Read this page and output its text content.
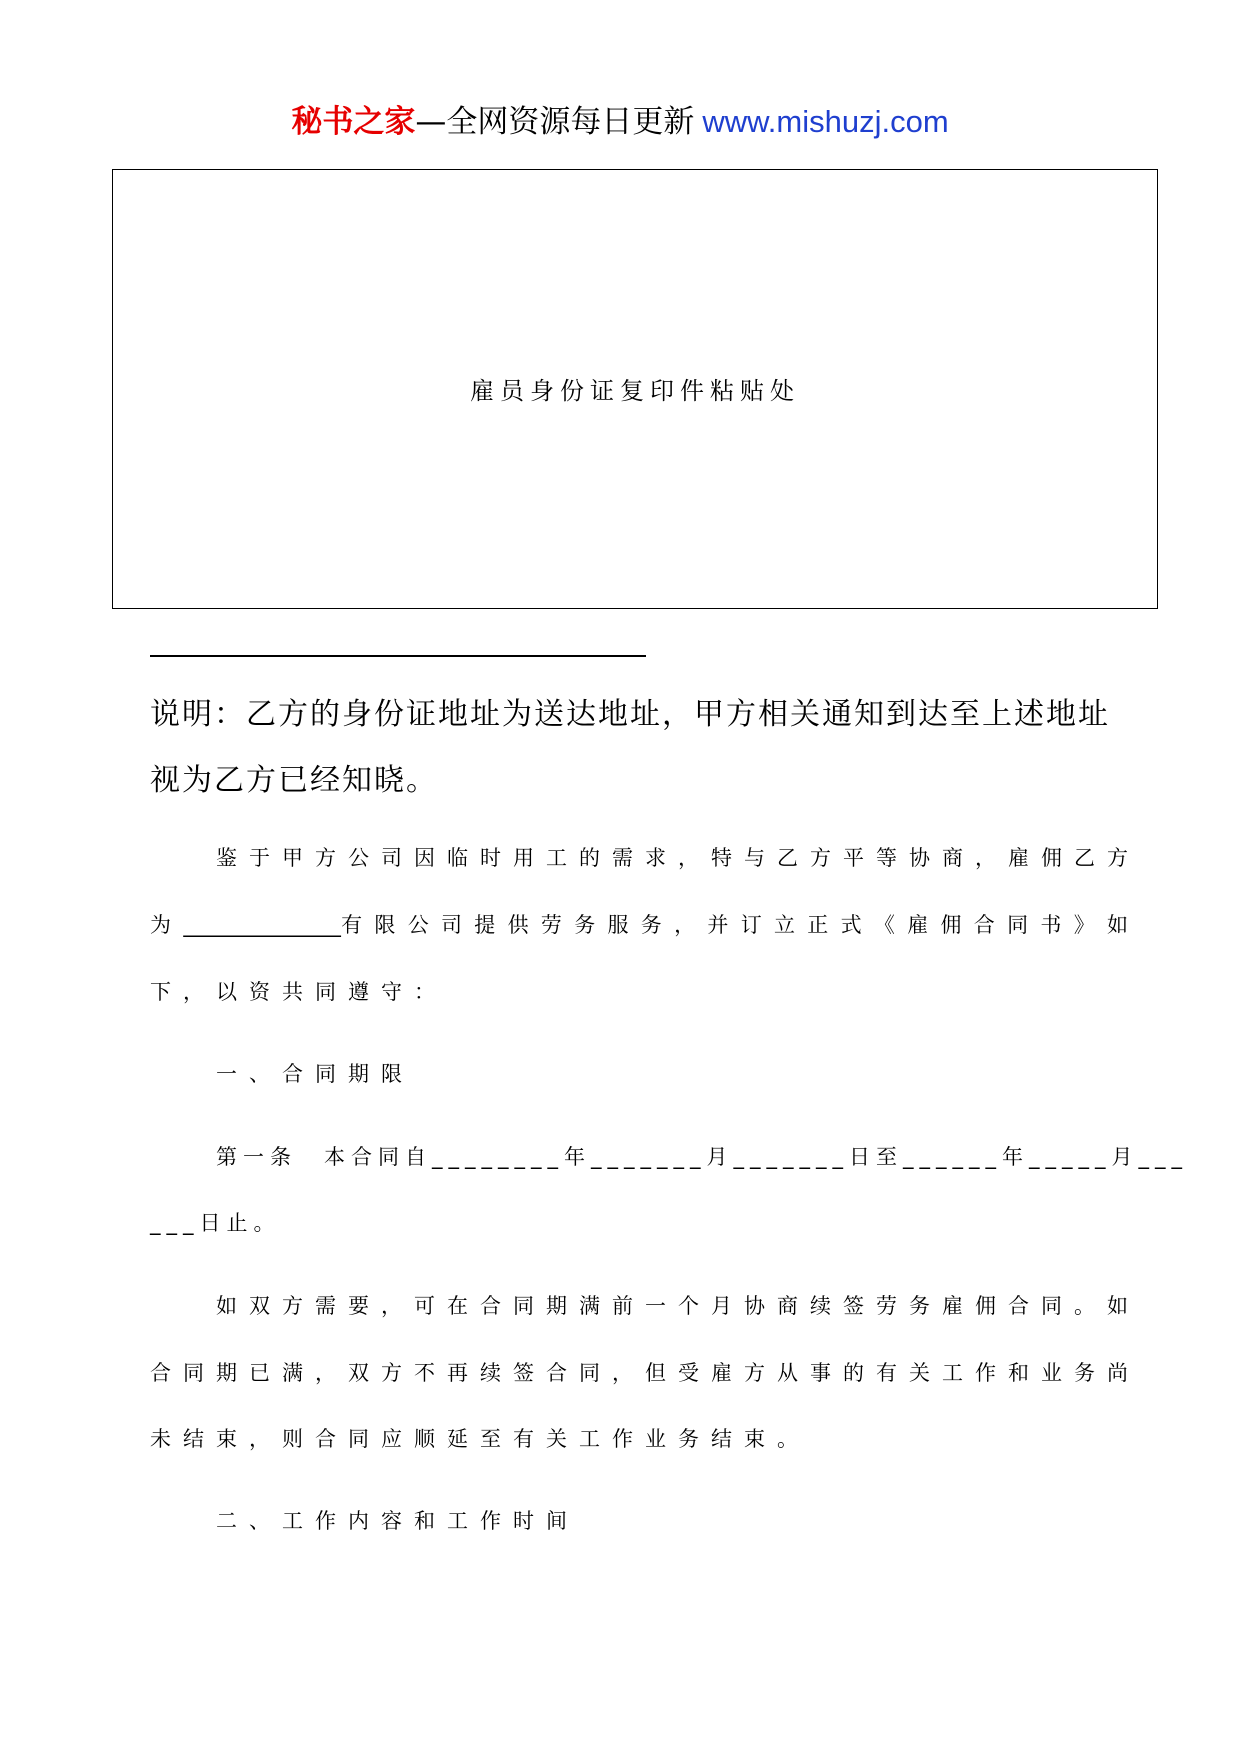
秘书之家—全网资源每日更新 www.mishuzj.com
雇员身份证复印件粘贴处
说明：乙方的身份证地址为送达地址，甲方相关通知到达至上述地址视为乙方已经知晓。
鉴于甲方公司因临时用工的需求，特与乙方平等协商，雇佣乙方
为_______________有限公司提供劳务服务，并订立正式《雇佣合同书》如
下，以资共同遵守：
一、合同期限
第一条　本合同自________年_______月_______日至______年_____月___
___日止。
如双方需要，可在合同期满前一个月协商续签劳务雇佣合同。如
合同期已满，双方不再续签合同，但受雇方从事的有关工作和业务尚
未结束，则合同应顺延至有关工作业务结束。
二、工作内容和工作时间
